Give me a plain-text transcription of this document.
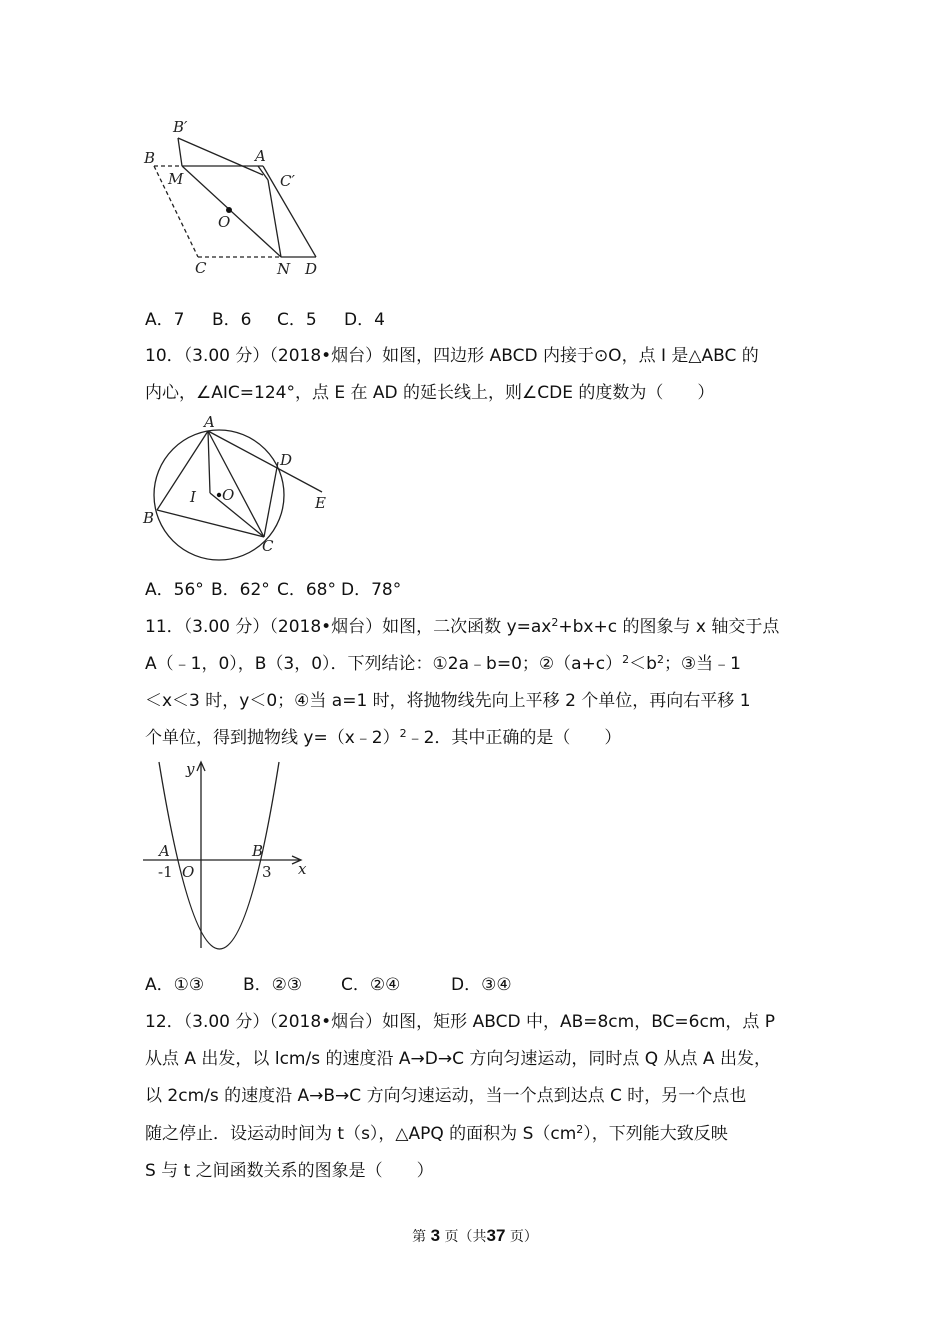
B′
B	A
M	C′
O
C	N D
A．7 B．6 C．5 D．4
10．（3.00 分）（2018•烟台）如图，四边形 ABCD 内接于⊙O，点 I 是△ABC 的
内心，∠AIC=124°，点 E 在 AD 的延长线上，则∠CDE 的度数为（　　）
A
D
I O	E
B
C
A．56° B．62° C．68° D．78°
11．（3.00 分）（2018•烟台）如图，二次函数 $y=ax^2+bx+c$ 的图象与 x 轴交于点
A（﹣1，0），B（3，0）．下列结论：①2a﹣b=0；$②(a+c)^2<b^2$；③当﹣1
＜x＜3 时，y＜0；④当 a=1 时，将抛物线先向上平移 2 个单位，再向右平移 1
个单位，得到抛物线 y=（x﹣2）$^2$﹣2．其中正确的是（　　）
y
x
A	B
-1 O	3
A．①③ B．②③ C．②④	D．③④
12．（3.00 分）（2018•烟台）如图，矩形 ABCD 中，AB=8cm，BC=6cm，点 P
从点 A 出发，以 lcm/s 的速度沿 A→D→C 方向匀速运动，同时点 Q 从点 A 出发，
以 2cm/s 的速度沿 A→B→C 方向匀速运动，当一个点到达点 C 时，另一个点也
随之停止．设运动时间为 t（s），△APQ 的面积为 $S(cm^2)$，下列能大致反映
S 与 t 之间函数关系的图象是（　　）
第 3 页（共37 页）
